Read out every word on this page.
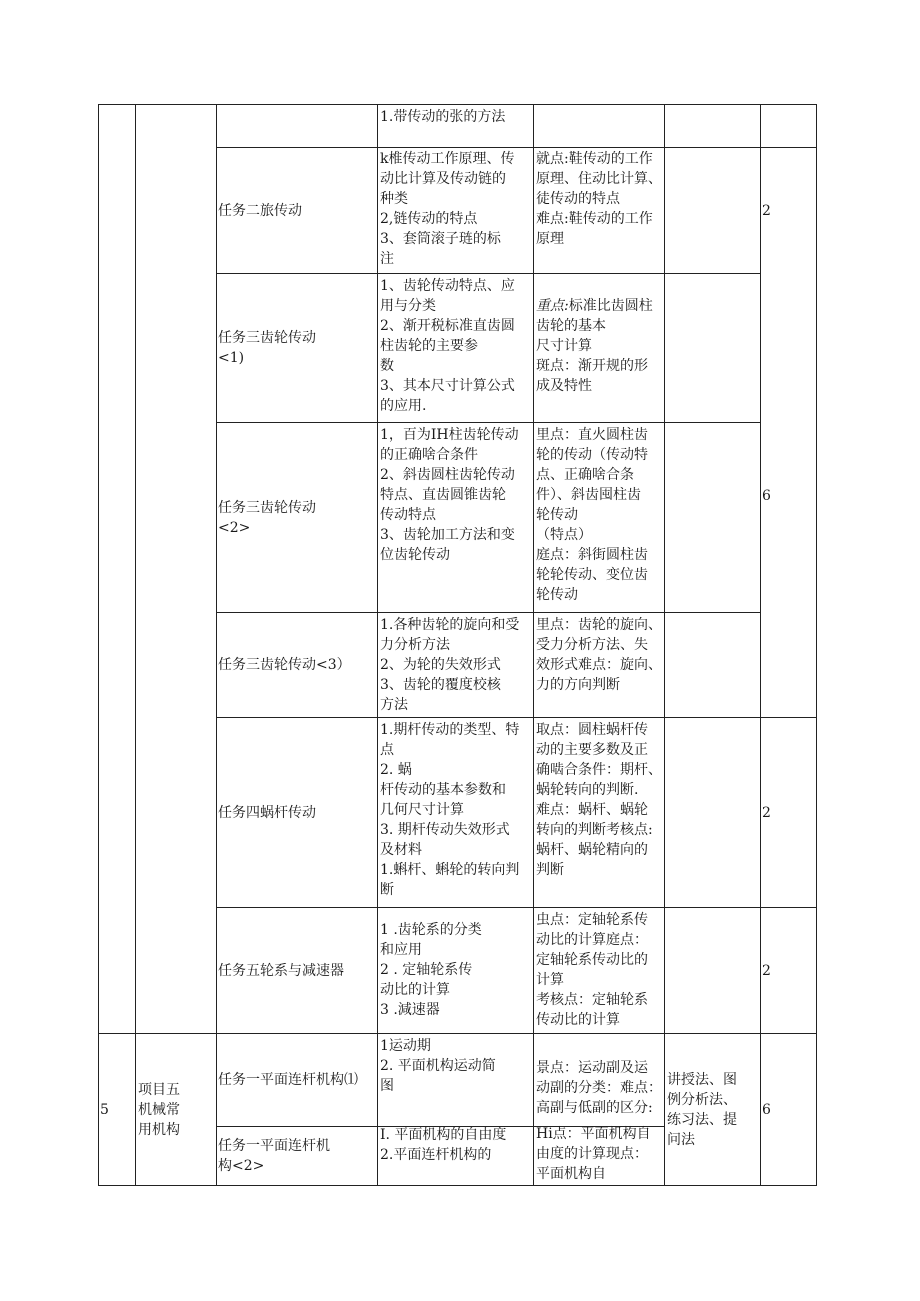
1.带传动的张的方法
任务二旅传动
k椎传动工作原理、传
动比计算及传动链的
种类
2,链传动的特点
3、套筒滚子琏的标
注
就点:鞋传动的工作
原理、住动比计算、
徒传动的特点
难点:鞋传动的工作
原理
2
任务三齿轮传动
<1)
1、齿轮传动特点、应
用与分类
2、渐开税标准直齿圆
柱齿轮的主要参
数
3、其本尺寸计算公式
的应用.
重点:标准比齿圆柱
齿轮的基本
尺寸计算
斑点：渐开规的形
成及特性
任务三齿轮传动
<2>
1，百为IH柱齿轮传动
的正确啥合条件
2、斜齿圆柱齿轮传动
特点、直齿圆锥齿轮
传动特点
3、齿轮加工方法和变
位齿轮传动
里点：直火圆柱齿
轮的传动（传动特
点、正确啥合条
件）、斜齿囤柱齿
轮传动
（特点）
庭点：斜街圆柱齿
轮轮传动、变位齿
轮传动
6
任务三齿轮传动<3）
1.各种齿轮的旋向和受
力分析方法
2、为轮的失效形式
3、齿轮的覆度校核
方法
里点：齿轮的旋向、
受力分析方法、失
效形式难点：旋向、
力的方向判断
任务四蜗杆传动
1.期杆传动的类型、特
点
2. 蜗
杆传动的基本参数和
几何尺寸计算
3. 期杆传动失效形式
及材料
1.蝌杆、蝌轮的转向判
断
取点：圆柱蜗杆传
动的主要多数及正
确啮合条件：期杆、
蜗轮转向的判断.
难点：蜗杆、蜗轮
转向的判断考核点:
蜗杆、蜗轮精向的
判断
2
任务五轮系与减速器
1 .齿轮系的分类
和应用
2 . 定轴轮系传
动比的计算
3 .減速器
虫点：定轴轮系传
动比的计算庭点：
定轴轮系传动比的
计算
考核点：定轴轮系
传动比的计算
2
5
项目五
机械常
用机构
讲授法、图
例分析法、
练习法、提
问法
6
任务一平面连杆机构⑴
1运动期
2. 平面机构运动简
图
景点：运动副及运
动副的分类：难点：
高副与低副的区分:
任务一平面连杆机
构<2>
I. 平面机构的自由度
2.平面连杆机构的
Hi点：平面机构自
由度的计算现点：
平面机构自
